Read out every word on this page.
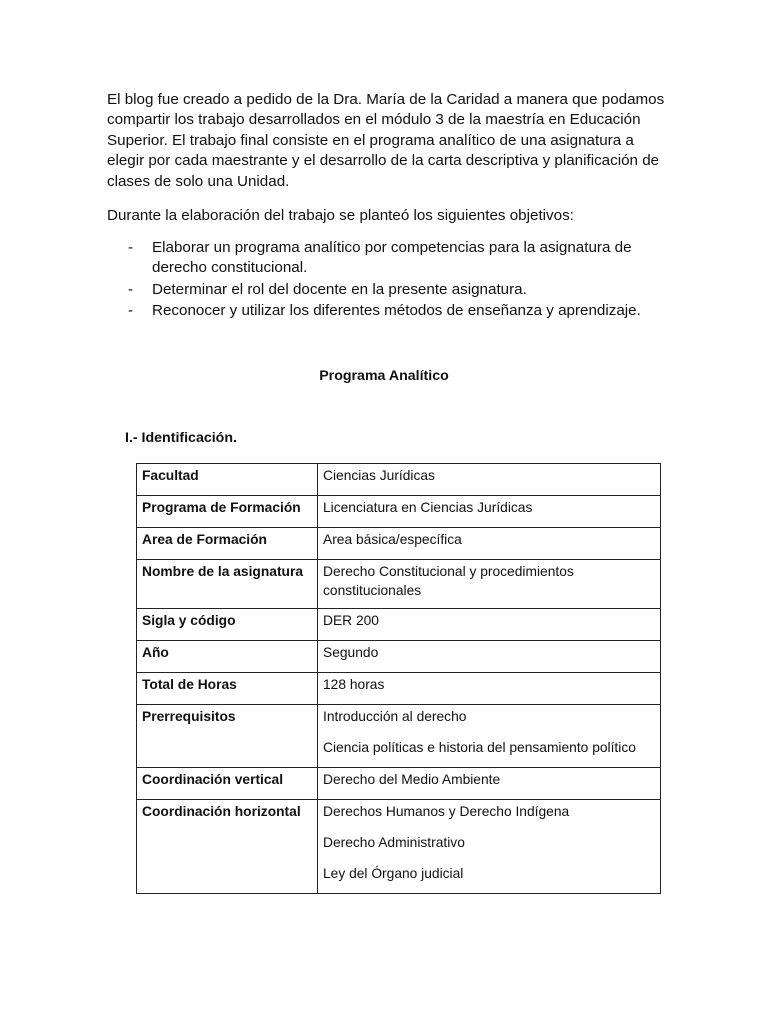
El blog fue creado a pedido de la Dra. María de la Caridad a manera que podamos compartir los trabajo desarrollados en el módulo 3 de la maestría en Educación Superior. El trabajo final consiste en el programa analítico de una asignatura a elegir por cada maestrante y el desarrollo de la carta descriptiva y planificación de clases de solo una Unidad.

Durante la elaboración del trabajo se planteó los siguientes objetivos:

- Elaborar un programa analítico por competencias para la asignatura de derecho constitucional.
- Determinar el rol del docente en la presente asignatura.
- Reconocer y utilizar los diferentes métodos de enseñanza y aprendizaje.

Programa Analítico

I.- Identificación.

Facultad	Ciencias Jurídicas

Programa de Formación	Licenciatura en Ciencias Jurídicas

Area de Formación	Area básica/específica

Nombre de la asignatura	Derecho Constitucional y procedimientos constitucionales

Sigla y código	DER 200

Año	Segundo

Total de Horas	128 horas

Prerrequisitos	Introducción al derecho

Ciencia políticas e historia del pensamiento político

Coordinación vertical	Derecho del Medio Ambiente

Coordinación horizontal	Derechos Humanos y Derecho Indígena

Derecho Administrativo

Ley del Órgano judicial
